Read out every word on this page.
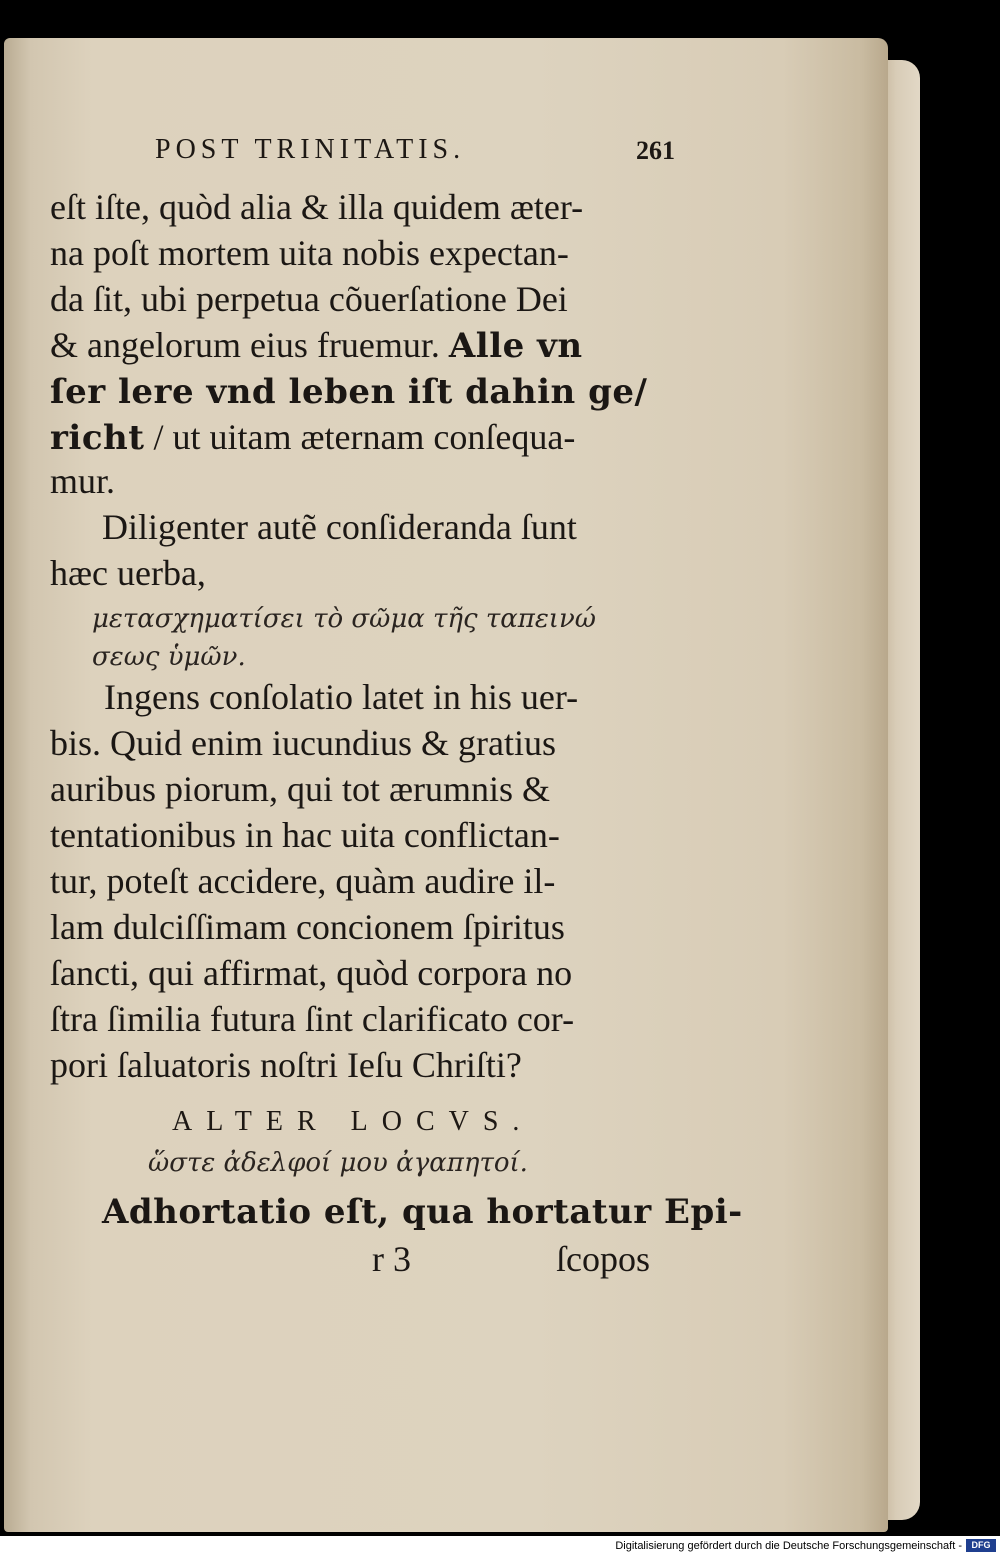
POST TRINITATIS.	261
eſt iſte, quòd alia & illa quidem æter-
na poſt mortem uita nobis expectan-
da ſit, ubi perpetua cõuerſatione Dei
& angelorum eius fruemur. Alle vn
ſer lere vnd leben iſt dahin ge/
richt / ut uitam æternam conſequa-
mur.
Diligenter autẽ conſideranda ſunt
hæc uerba,
μετασχηματίσει τὸ σῶμα τῆς ταπεινώ
σεως ὑμῶν.
Ingens conſolatio latet in his uer-
bis. Quid enim iucundius & gratius
auribus piorum, qui tot ærumnis &
tentationibus in hac uita conflictan-
tur, poteſt accidere, quàm audire il-
lam dulciſſimam concionem ſpiritus
ſancti, qui affirmat, quòd corpora no
ſtra ſimilia futura ſint clarificato cor-
pori ſaluatoris noſtri Ieſu Chriſti?
ALTER LOCVS.
ὥστε ἀδελφοί μου ἀγαπητοί.
Adhortatio eſt, qua hortatur Epi-
r 3	ſcopos
Digitalisierung gefördert durch die Deutsche Forschungsgemeinschaft -	DFG
